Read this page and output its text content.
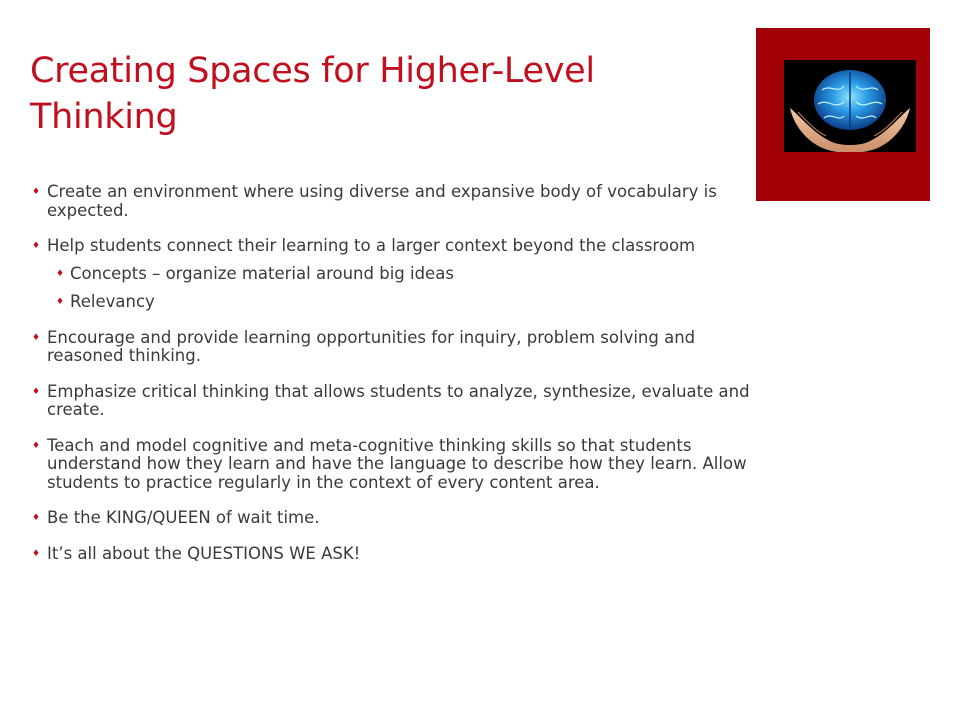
Creating Spaces for Higher-Level Thinking
♦ Create an environment where using diverse and expansive body of vocabulary is expected.
♦ Help students connect their learning to a larger context beyond the classroom
♦ Concepts – organize material around big ideas
♦ Relevancy
♦ Encourage and provide learning opportunities for inquiry, problem solving and reasoned thinking.
♦ Emphasize critical thinking that allows students to analyze, synthesize, evaluate and create.
♦ Teach and model cognitive and meta-cognitive thinking skills so that students understand how they learn and have the language to describe how they learn. Allow students to practice regularly in the context of every content area.
♦ Be the KING/QUEEN of wait time.
♦ It’s all about the QUESTIONS WE ASK!
